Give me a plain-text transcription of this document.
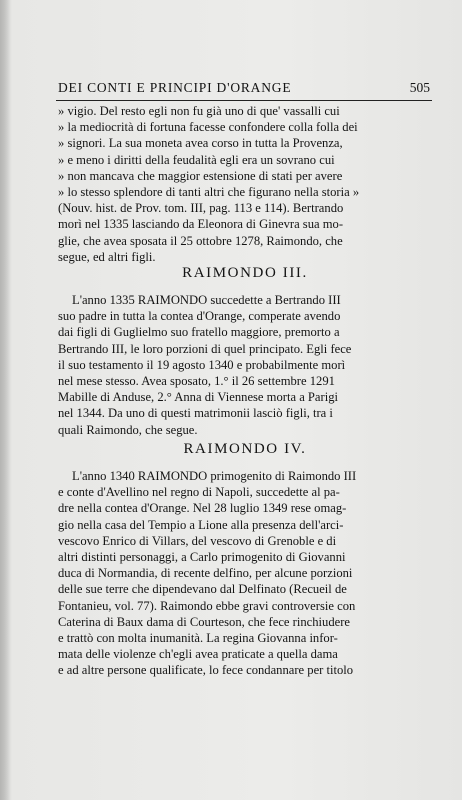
DEI CONTI E PRINCIPI D'ORANGE	505
» vigio. Del resto egli non fu già uno di que' vassalli cui
» la mediocrità di fortuna facesse confondere colla folla dei
» signori. La sua moneta avea corso in tutta la Provenza,
» e meno i diritti della feudalità egli era un sovrano cui
» non mancava che maggior estensione di stati per avere
» lo stesso splendore di tanti altri che figurano nella storia »
(Nouv. hist. de Prov. tom. III, pag. 113 e 114). Bertrando
morì nel 1335 lasciando da Eleonora di Ginevra sua mo-
glie, che avea sposata il 25 ottobre 1278, Raimondo, che
segue, ed altri figli.
RAIMONDO III.
L'anno 1335 RAIMONDO succedette a Bertrando III
suo padre in tutta la contea d'Orange, comperate avendo
dai figli di Guglielmo suo fratello maggiore, premorto a
Bertrando III, le loro porzioni di quel principato. Egli fece
il suo testamento il 19 agosto 1340 e probabilmente morì
nel mese stesso. Avea sposato, 1.° il 26 settembre 1291
Mabille di Anduse, 2.° Anna di Viennese morta a Parigi
nel 1344. Da uno di questi matrimonii lasciò figli, tra i
quali Raimondo, che segue.
RAIMONDO IV.
L'anno 1340 RAIMONDO primogenito di Raimondo III
e conte d'Avellino nel regno di Napoli, succedette al pa-
dre nella contea d'Orange. Nel 28 luglio 1349 rese omag-
gio nella casa del Tempio a Lione alla presenza dell'arci-
vescovo Enrico di Villars, del vescovo di Grenoble e di
altri distinti personaggi, a Carlo primogenito di Giovanni
duca di Normandia, di recente delfino, per alcune porzioni
delle sue terre che dipendevano dal Delfinato (Recueil de
Fontanieu, vol. 77). Raimondo ebbe gravi controversie con
Caterina di Baux dama di Courteson, che fece rinchiudere
e trattò con molta inumanità. La regina Giovanna infor-
mata delle violenze ch'egli avea praticate a quella dama
e ad altre persone qualificate, lo fece condannare per titolo
